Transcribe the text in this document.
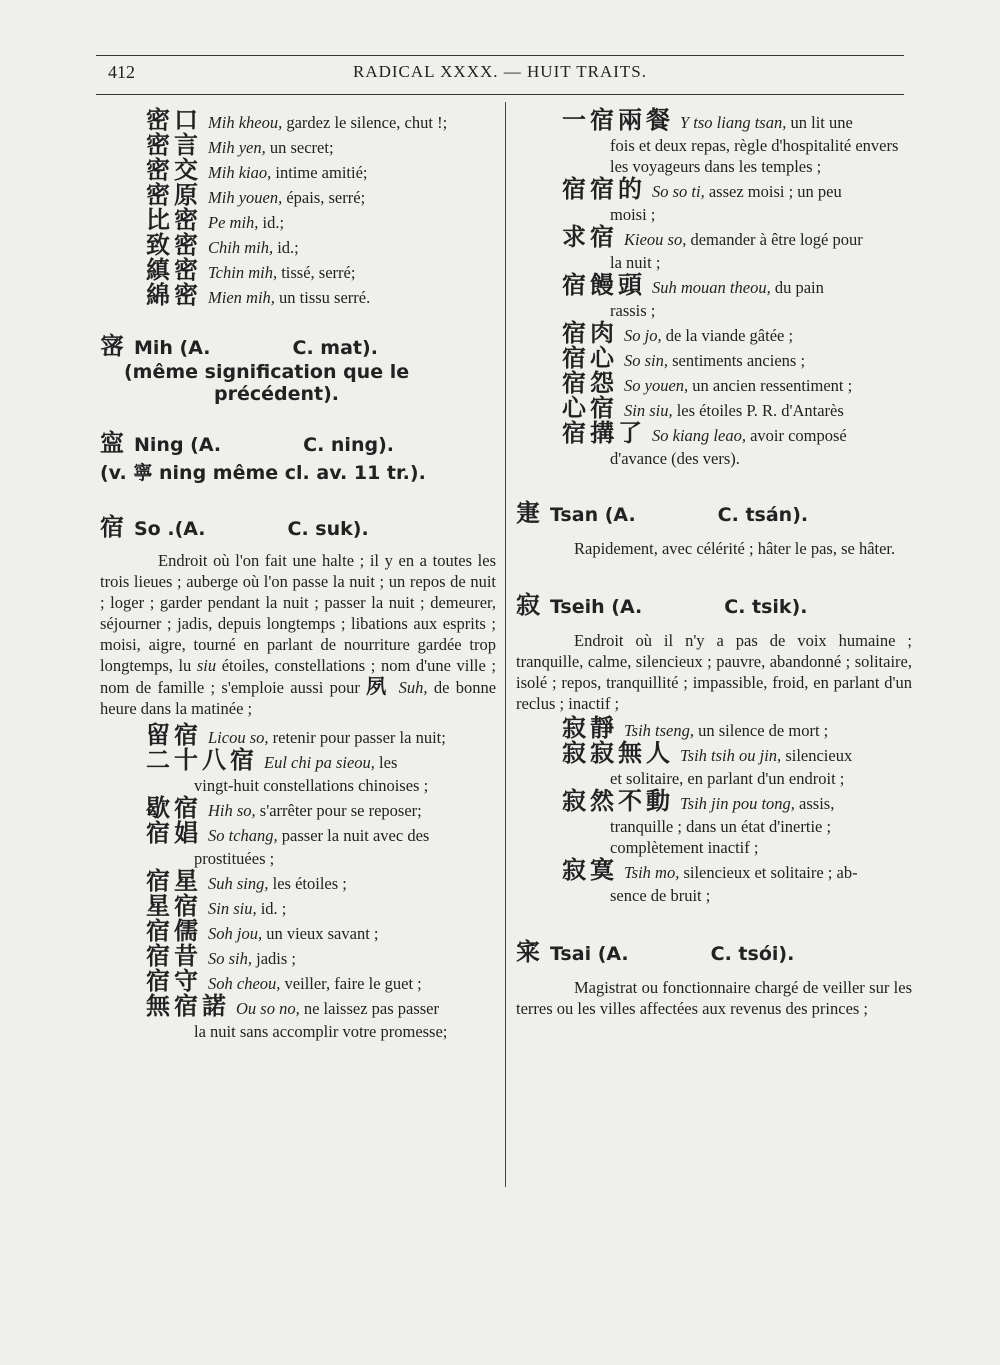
412	RADICAL XXXX. — HUIT TRAITS.
密口 Mih kheou, gardez le silence, chut !;
密言 Mih yen, un secret;
密交 Mih kiao, intime amitié;
密原 Mih youen, épais, serré;
比密 Pe mih, id.;
致密 Chih mih, id.;
縝密 Tchin mih, tissé, serré;
綿密 Mien mih, un tissu serré.
宻 Mih (A.	C. mat).
(même signification que le
précédent).
寍 Ning (A.	C. ning).
(v. 寧 ning même cl. av. 11 tr.).
宿 So .(A.	C. suk).
Endroit où l'on fait une halte ; il y en a toutes les trois lieues ; auberge où l'on passe la nuit ; un repos de nuit ; loger ; garder pendant la nuit ; passer la nuit ; demeurer, séjourner ; jadis, depuis longtemps ; libations aux esprits ; moisi, aigre, tourné en parlant de nourriture gardée trop longtemps, lu siu étoiles, constellations ; nom d'une ville ; nom de famille ; s'emploie aussi pour 夙 Suh, de bonne heure dans la matinée ;
留宿 Licou so, retenir pour passer la nuit;
二十八宿 Eul chi pa sieou, les
vingt-huit constellations chinoises ;
歇宿 Hih so, s'arrêter pour se reposer;
宿娼 So tchang, passer la nuit avec des
prostituées ;
宿星 Suh sing, les étoiles ;
星宿 Sin siu, id. ;
宿儒 Soh jou, un vieux savant ;
宿昔 So sih, jadis ;
宿守 Soh cheou, veiller, faire le guet ;
無宿諾 Ou so no, ne laissez pas passer
la nuit sans accomplir votre promesse;
一宿兩餐 Y tso liang tsan, un lit une
fois et deux repas, règle d'hospitalité envers les voyageurs dans les temples ;
宿宿的 So so ti, assez moisi ; un peu
moisi ;
求宿 Kieou so, demander à être logé pour
la nuit ;
宿饅頭 Suh mouan theou, du pain
rassis ;
宿肉 So jo, de la viande gâtée ;
宿心 So sin, sentiments anciens ;
宿怨 So youen, un ancien ressentiment ;
心宿 Sin siu, les étoiles P. R. d'Antarès
宿搆了 So kiang leao, avoir composé
d'avance (des vers).
寁 Tsan (A.	C. tsán).
Rapidement, avec célérité ; hâter le pas, se hâter.
寂 Tseih (A.	C. tsik).
Endroit où il n'y a pas de voix humaine ; tranquille, calme, silencieux ; pauvre, abandonné ; solitaire, isolé ; repos, tranquillité ; impassible, froid, en parlant d'un reclus ; inactif ;
寂靜 Tsih tseng, un silence de mort ;
寂寂無人 Tsih tsih ou jin, silencieux
et solitaire, en parlant d'un endroit ;
寂然不動 Tsih jin pou tong, assis,
tranquille ; dans un état d'inertie ; complètement inactif ;
寂寞 Tsih mo, silencieux et solitaire ; ab-
sence de bruit ;
宷 Tsai (A.	C. tsói).
Magistrat ou fonctionnaire chargé de veiller sur les terres ou les villes affectées aux revenus des princes ;
